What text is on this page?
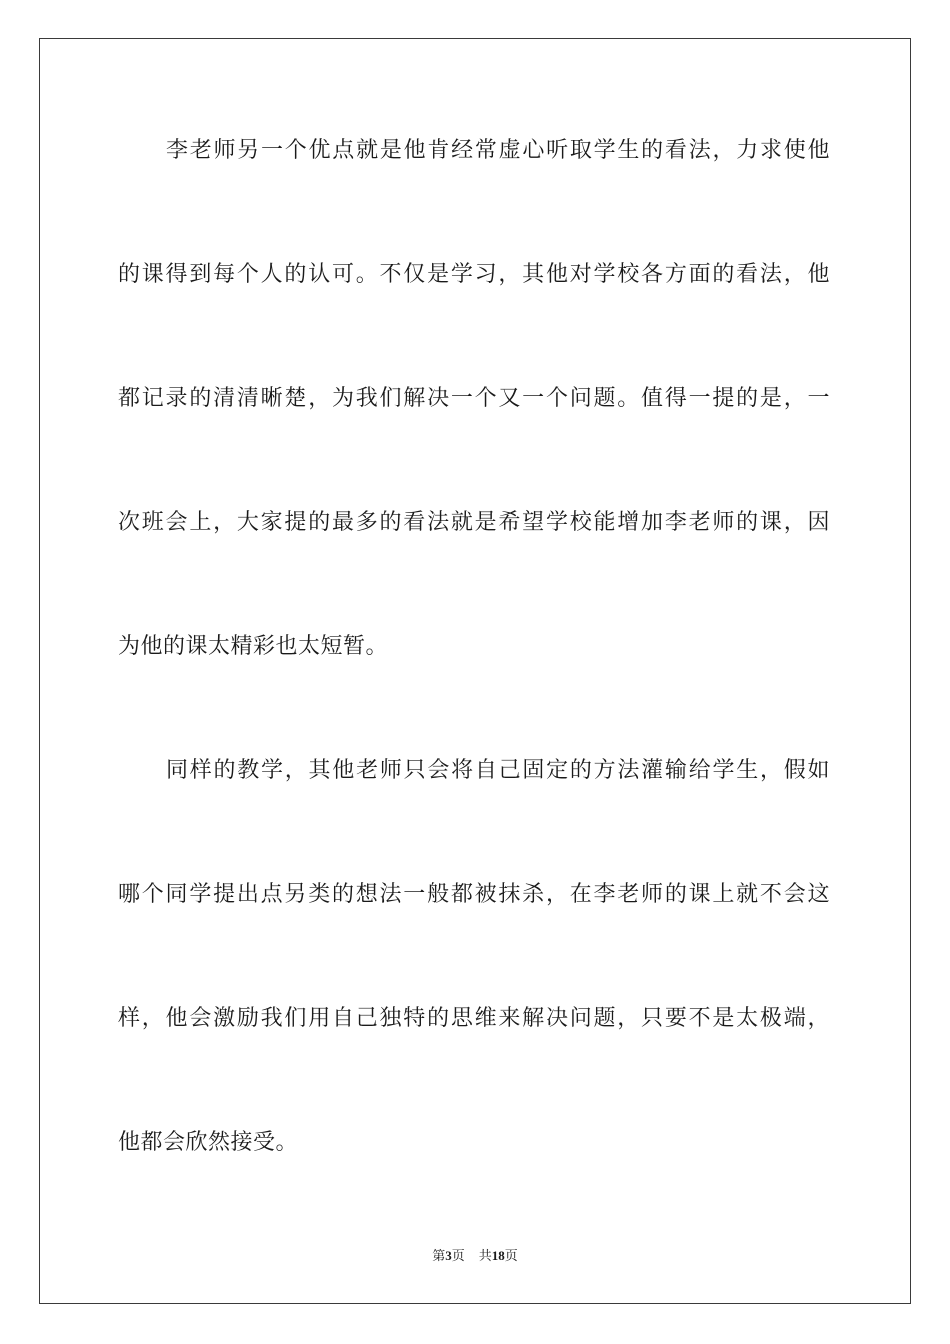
李老师另一个优点就是他肯经常虚心听取学生的看法，力求使他
的课得到每个人的认可。不仅是学习，其他对学校各方面的看法，他
都记录的清清晰楚，为我们解决一个又一个问题。值得一提的是，一
次班会上，大家提的最多的看法就是希望学校能增加李老师的课，因
为他的课太精彩也太短暂。
同样的教学，其他老师只会将自己固定的方法灌输给学生，假如
哪个同学提出点另类的想法一般都被抹杀，在李老师的课上就不会这
样，他会激励我们用自己独特的思维来解决问题，只要不是太极端，
他都会欣然接受。
第3页 共18页
